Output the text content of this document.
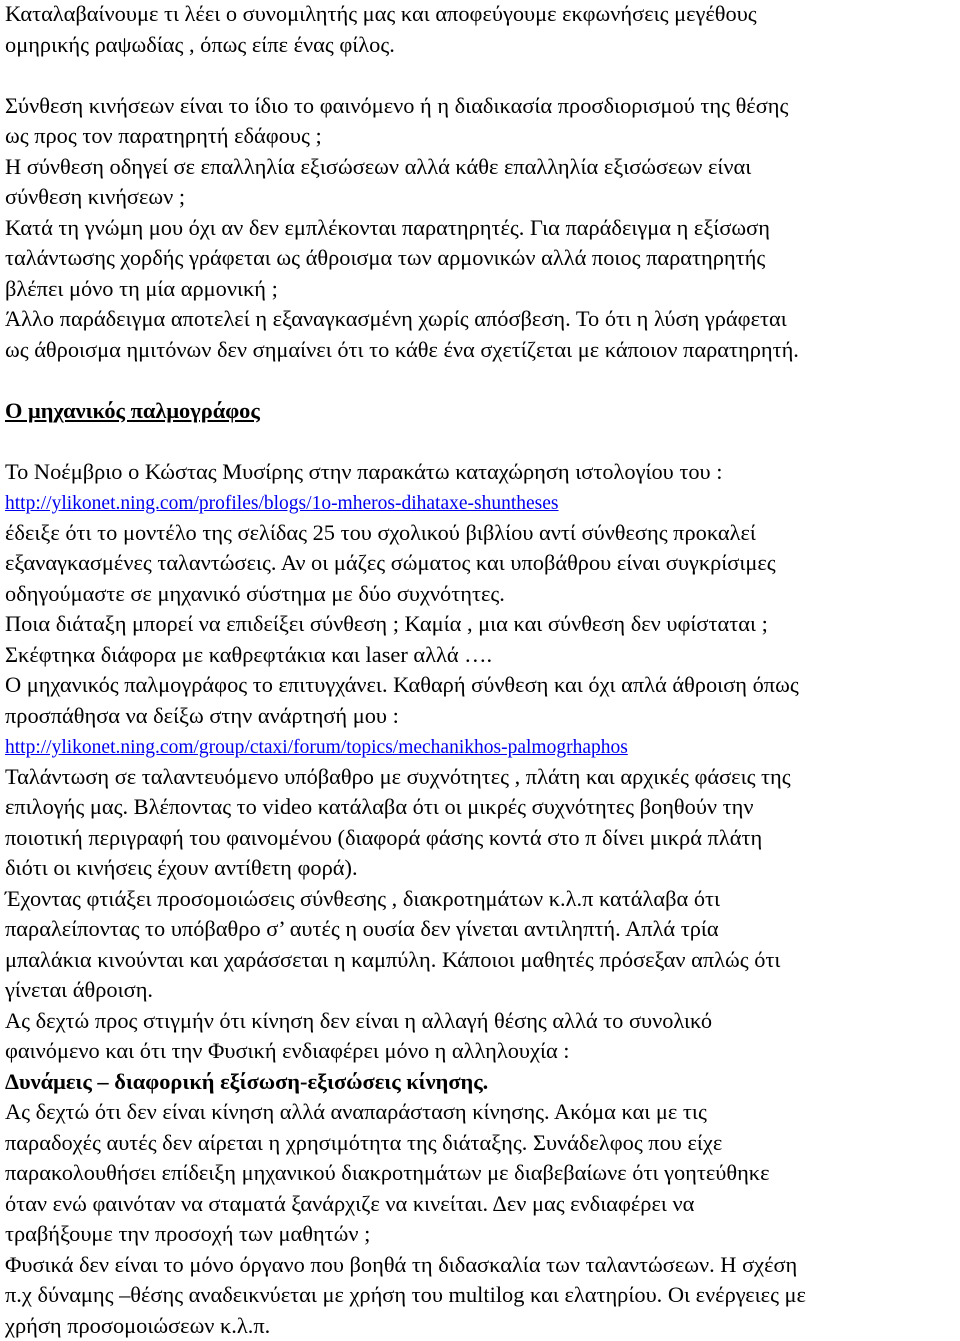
Καταλαβαίνουμε τι λέει ο συνομιλητής μας και αποφεύγουμε εκφωνήσεις μεγέθους
ομηρικής ραψωδίας , όπως είπε ένας φίλος.
Σύνθεση κινήσεων είναι το ίδιο το φαινόμενο ή η διαδικασία προσδιορισμού της θέσης
ως προς τον παρατηρητή εδάφους ;
Η σύνθεση οδηγεί σε επαλληλία εξισώσεων αλλά κάθε επαλληλία εξισώσεων είναι
σύνθεση κινήσεων ;
Κατά τη γνώμη μου όχι αν δεν εμπλέκονται παρατηρητές. Για παράδειγμα η εξίσωση
ταλάντωσης χορδής γράφεται ως άθροισμα των αρμονικών αλλά ποιος παρατηρητής
βλέπει μόνο τη μία αρμονική ;
Άλλο παράδειγμα αποτελεί η εξαναγκασμένη χωρίς απόσβεση. Το ότι η λύση γράφεται
ως άθροισμα ημιτόνων δεν σημαίνει ότι το κάθε ένα σχετίζεται με κάποιον παρατηρητή.
Ο μηχανικός παλμογράφος
Το Νοέμβριο ο Κώστας Μυσίρης στην παρακάτω καταχώρηση ιστολογίου του :
http://ylikonet.ning.com/profiles/blogs/1o-mheros-dihataxe-shuntheses
έδειξε ότι το μοντέλο της σελίδας 25 του σχολικού βιβλίου αντί σύνθεσης προκαλεί
εξαναγκασμένες ταλαντώσεις. Αν οι μάζες σώματος και υποβάθρου είναι συγκρίσιμες
οδηγούμαστε σε μηχανικό σύστημα με δύο συχνότητες.
Ποια διάταξη μπορεί να επιδείξει σύνθεση ; Καμία , μια και σύνθεση δεν υφίσταται ;
Σκέφτηκα διάφορα με καθρεφτάκια και laser αλλά ….
Ο μηχανικός παλμογράφος το επιτυγχάνει. Καθαρή σύνθεση και όχι απλά άθροιση όπως
προσπάθησα να δείξω στην ανάρτησή μου :
http://ylikonet.ning.com/group/ctaxi/forum/topics/mechanikhos-palmogrhaphos
Ταλάντωση σε ταλαντευόμενο υπόβαθρο με συχνότητες , πλάτη και αρχικές φάσεις της
επιλογής μας. Βλέποντας το video κατάλαβα ότι οι μικρές συχνότητες βοηθούν την
ποιοτική περιγραφή του φαινομένου (διαφορά φάσης κοντά στο π δίνει μικρά πλάτη
διότι οι κινήσεις έχουν αντίθετη φορά).
Έχοντας φτιάξει προσομοιώσεις σύνθεσης , διακροτημάτων κ.λ.π κατάλαβα ότι
παραλείποντας το υπόβαθρο σ’ αυτές η ουσία δεν γίνεται αντιληπτή. Απλά τρία
μπαλάκια κινούνται και χαράσσεται η καμπύλη. Κάποιοι μαθητές πρόσεξαν απλώς ότι
γίνεται άθροιση.
Ας δεχτώ προς στιγμήν ότι κίνηση δεν είναι η αλλαγή θέσης αλλά το συνολικό
φαινόμενο και ότι την Φυσική ενδιαφέρει μόνο η αλληλουχία :
Δυνάμεις – διαφορική εξίσωση-εξισώσεις κίνησης.
Ας δεχτώ ότι δεν είναι κίνηση αλλά αναπαράσταση κίνησης. Ακόμα και με τις
παραδοχές αυτές δεν αίρεται η χρησιμότητα της διάταξης. Συνάδελφος που είχε
παρακολουθήσει επίδειξη μηχανικού διακροτημάτων με διαβεβαίωνε ότι γοητεύθηκε
όταν ενώ φαινόταν να σταματά ξανάρχιζε να κινείται. Δεν μας ενδιαφέρει να
τραβήξουμε την προσοχή των μαθητών ;
Φυσικά δεν είναι το μόνο όργανο που βοηθά τη διδασκαλία των ταλαντώσεων. Η σχέση
π.χ δύναμης –θέσης αναδεικνύεται με χρήση του multilog και ελατηρίου. Οι ενέργειες με
χρήση προσομοιώσεων κ.λ.π.
